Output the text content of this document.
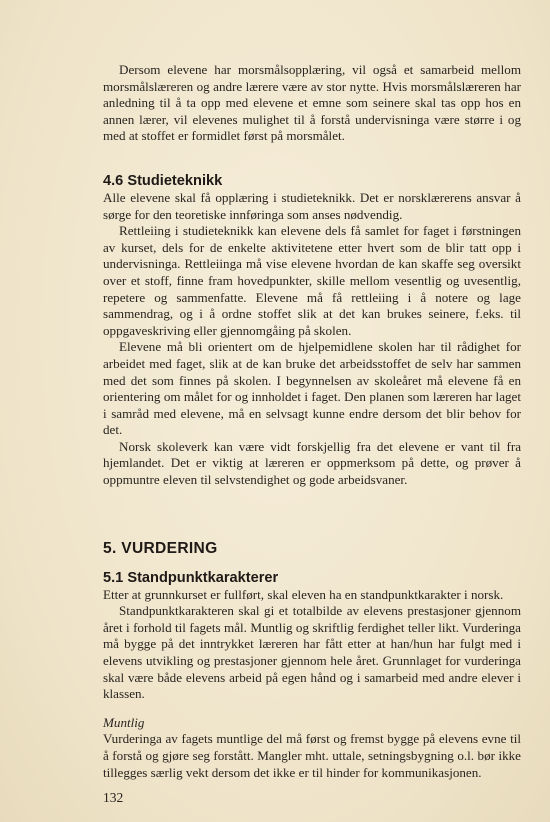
Dersom elevene har morsmålsopplæring, vil også et samarbeid mellom morsmålslæreren og andre lærere være av stor nytte. Hvis morsmålslæreren har anledning til å ta opp med elevene et emne som seinere skal tas opp hos en annen lærer, vil elevenes mulighet til å forstå undervisninga være større i og med at stoffet er formidlet først på morsmålet.

4.6 Studieteknikk

Alle elevene skal få opplæring i studieteknikk. Det er norsklærerens ansvar å sørge for den teoretiske innføringa som anses nødvendig.

Rettleiing i studieteknikk kan elevene dels få samlet for faget i førstningen av kurset, dels for de enkelte aktivitetene etter hvert som de blir tatt opp i undervisninga. Rettleiinga må vise elevene hvordan de kan skaffe seg oversikt over et stoff, finne fram hovedpunkter, skille mellom vesentlig og uvesentlig, repetere og sammenfatte. Elevene må få rettleiing i å notere og lage sammendrag, og i å ordne stoffet slik at det kan brukes seinere, f.eks. til oppgaveskriving eller gjennomgåing på skolen.

Elevene må bli orientert om de hjelpemidlene skolen har til rådighet for arbeidet med faget, slik at de kan bruke det arbeidsstoffet de selv har sammen med det som finnes på skolen. I begynnelsen av skoleåret må elevene få en orientering om målet for og innholdet i faget. Den planen som læreren har laget i samråd med elevene, må en selvsagt kunne endre dersom det blir behov for det.

Norsk skoleverk kan være vidt forskjellig fra det elevene er vant til fra hjemlandet. Det er viktig at læreren er oppmerksom på dette, og prøver å oppmuntre eleven til selvstendighet og gode arbeidsvaner.

5. VURDERING
5.1 Standpunktkarakterer

Etter at grunnkurset er fullført, skal eleven ha en standpunktkarakter i norsk.

Standpunktkarakteren skal gi et totalbilde av elevens prestasjoner gjennom året i forhold til fagets mål. Muntlig og skriftlig ferdighet teller likt. Vurderinga må bygge på det inntrykket læreren har fått etter at han/hun har fulgt med i elevens utvikling og prestasjoner gjennom hele året. Grunnlaget for vurderinga skal være både elevens arbeid på egen hånd og i samarbeid med andre elever i klassen.

Muntlig

Vurderinga av fagets muntlige del må først og fremst bygge på elevens evne til å forstå og gjøre seg forstått. Mangler mht. uttale, setningsbygning o.l. bør ikke tillegges særlig vekt dersom det ikke er til hinder for kommunikasjonen.

132
